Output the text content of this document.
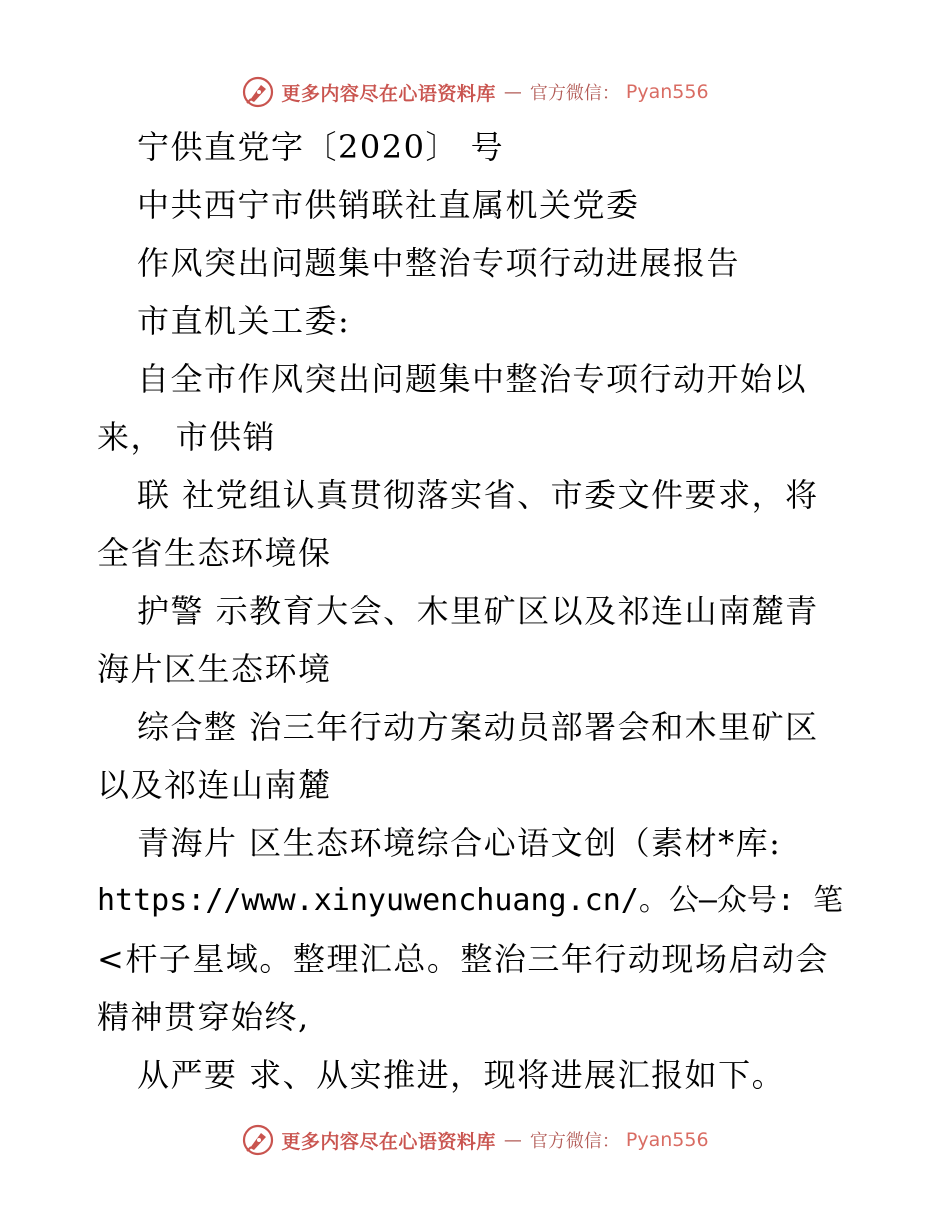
更多内容尽在心语资料库 — 官方微信： Pyan556
宁供直党字〔2020〕 号
中共西宁市供销联社直属机关党委
作风突出问题集中整治专项行动进展报告
市直机关工委:
自全市作风突出问题集中整治专项行动开始以
来， 市供销
联 社党组认真贯彻落实省、市委文件要求，将
全省生态环境保
护警 示教育大会、木里矿区以及祁连山南麓青
海片区生态环境
综合整 治三年行动方案动员部署会和木里矿区
以及祁连山南麓
青海片 区生态环境综合心语文创（素材*库:
https://www.xinyuwenchuang.cn/。公—众号: 笔
<杆子星域。整理汇总。整治三年行动现场启动会
精神贯穿始终,
从严要 求、从实推进，现将进展汇报如下。
更多内容尽在心语资料库 — 官方微信： Pyan556
